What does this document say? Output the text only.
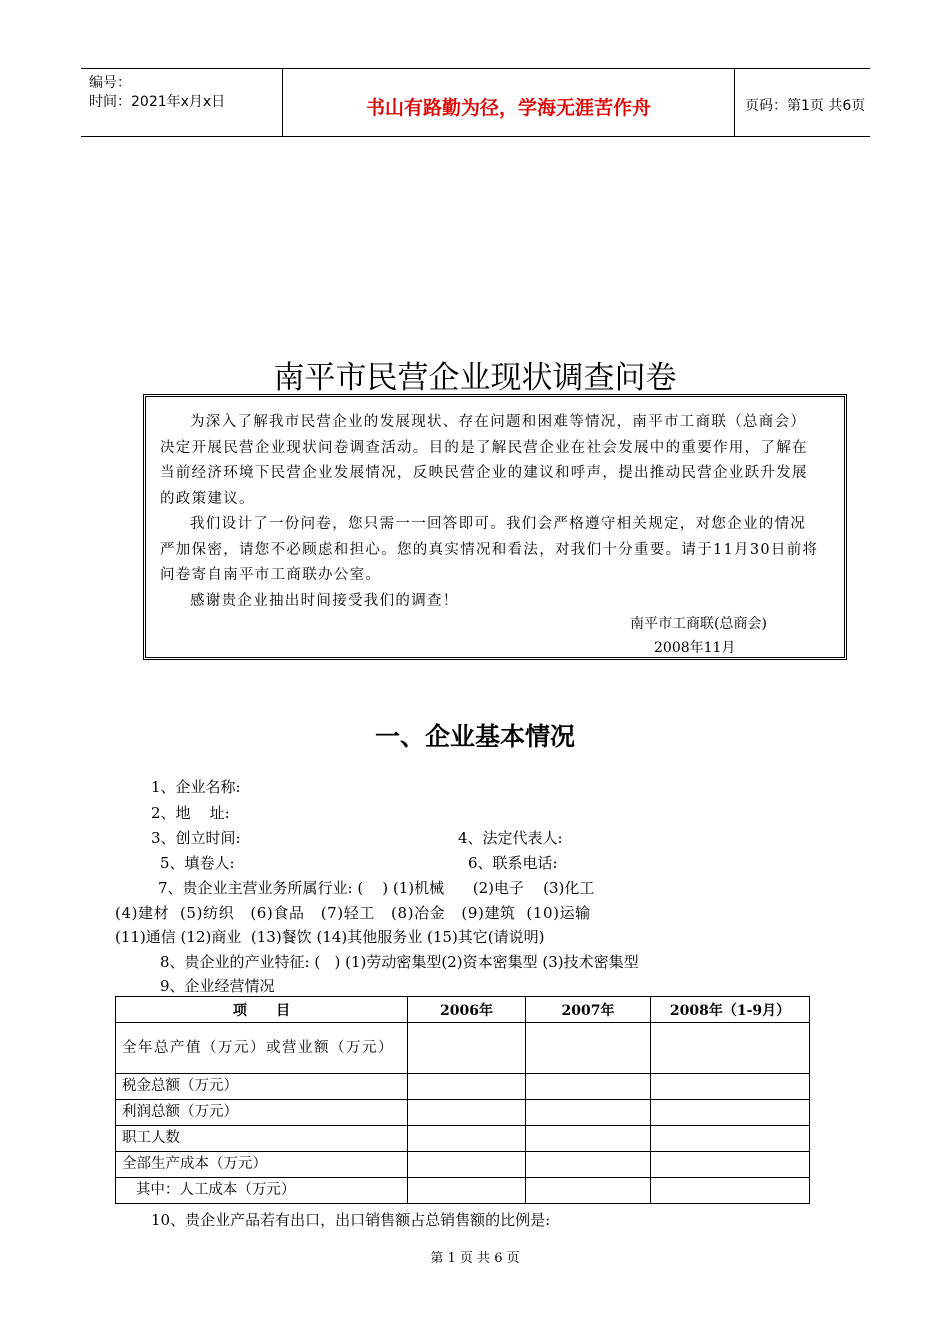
编号：
时间：2021年x月x日	书山有路勤为径，学海无涯苦作舟	页码：第1页 共6页
南平市民营企业现状调查问卷
为深入了解我市民营企业的发展现状、存在问题和困难等情况，南平市工商联（总商会）决定开展民营企业现状问卷调查活动。目的是了解民营企业在社会发展中的重要作用，了解在当前经济环境下民营企业发展情况，反映民营企业的建议和呼声，提出推动民营企业跃升发展的政策建议。
我们设计了一份问卷，您只需一一回答即可。我们会严格遵守相关规定，对您企业的情况严加保密，请您不必顾虑和担心。您的真实情况和看法，对我们十分重要。请于11月30日前将问卷寄自南平市工商联办公室。
感谢贵企业抽出时间接受我们的调查！
南平市工商联(总商会)
2008年11月
一、企业基本情况
1、企业名称:
2、地    址:
3、创立时间:	4、法定代表人:
5、填卷人:	6、联系电话:
7、贵企业主营业务所属行业: (    ) (1)机械      (2)电子    (3)化工
(4)建材  (5)纺织   (6)食品   (7)轻工   (8)冶金   (9)建筑  (10)运输
(11)通信 (12)商业  (13)餐饮 (14)其他服务业 (15)其它(请说明)
8、贵企业的产业特征: (   ) (1)劳动密集型(2)资本密集型 (3)技术密集型
9、企业经营情况
项      目	2006年	2007年	2008年（1-9月）
全年总产值（万元）或营业额（万元）			
税金总额（万元）			
利润总额（万元）			
职工人数			
全部生产成本（万元）			
其中：人工成本（万元）			
10、贵企业产品若有出口，出口销售额占总销售额的比例是:
第 1 页 共 6 页
